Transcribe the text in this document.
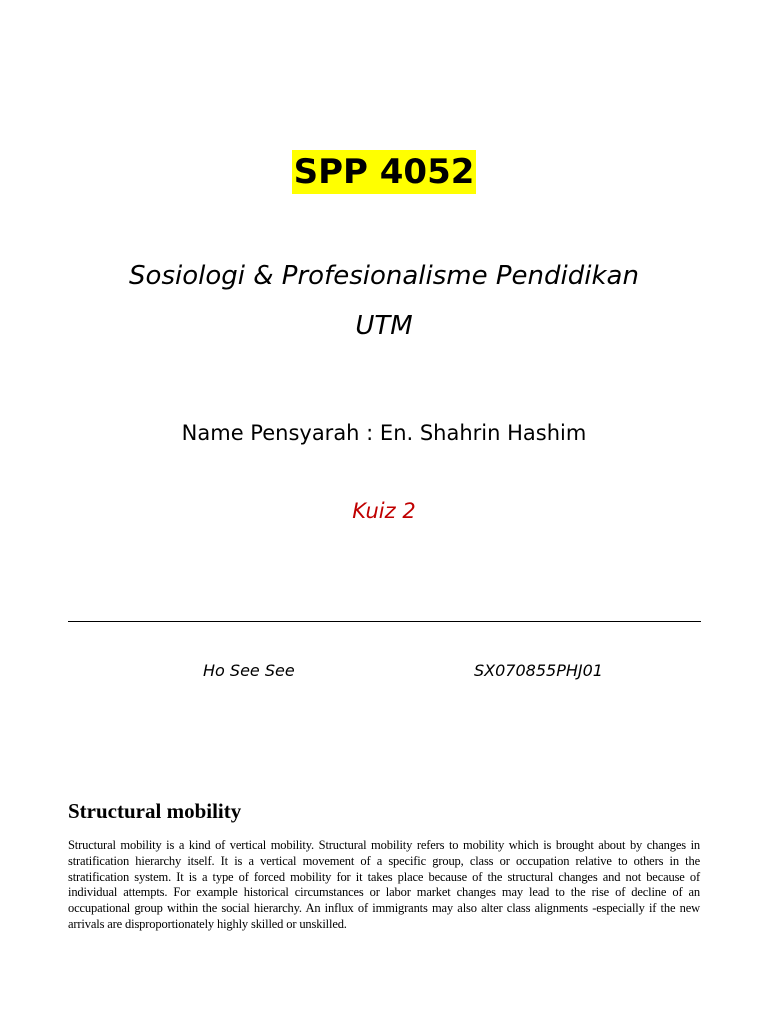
SPP 4052
Sosiologi & Profesionalisme Pendidikan
UTM
Name Pensyarah : En. Shahrin Hashim
Kuiz 2
Ho See See	SX070855PHJ01
Structural mobility
Structural mobility is a kind of vertical mobility. Structural mobility refers to mobility which is brought about by changes in stratification hierarchy itself. It is a vertical movement of a specific group, class or occupation relative to others in the stratification system. It is a type of forced mobility for it takes place because of the structural changes and not because of individual attempts. For example historical circumstances or labor market changes may lead to the rise of decline of an occupational group within the social hierarchy. An influx of immigrants may also alter class alignments -especially if the new arrivals are disproportionately highly skilled or unskilled.
